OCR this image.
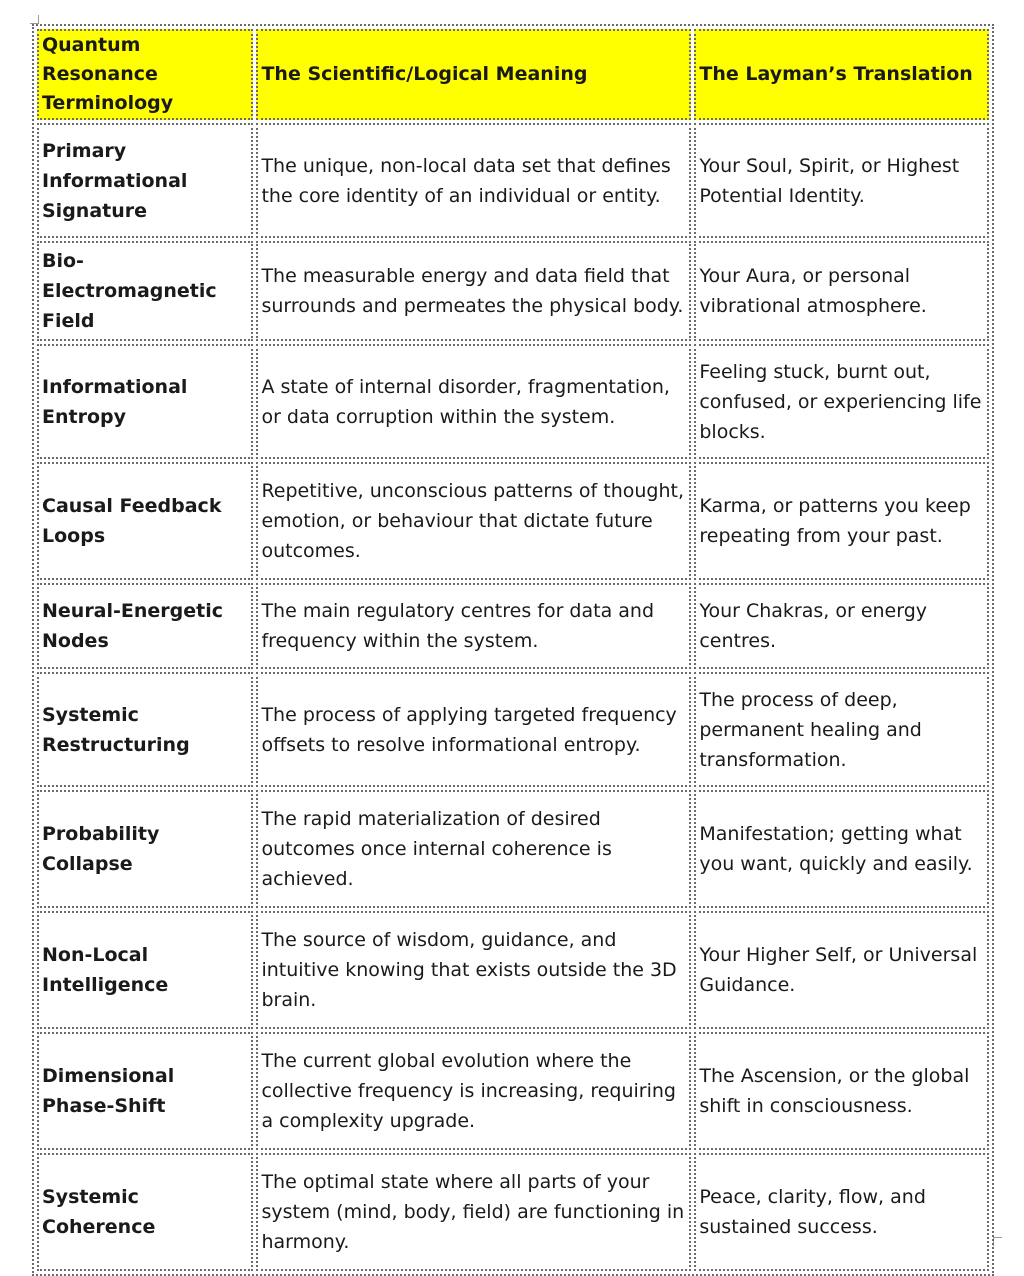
Quantum Resonance Terminology	The Scientific/Logical Meaning	The Layman’s Translation
Primary Informational Signature	The unique, non-local data set that defines the core identity of an individual or entity.	Your Soul, Spirit, or Highest Potential Identity.
Bio-Electromagnetic Field	The measurable energy and data field that surrounds and permeates the physical body.	Your Aura, or personal vibrational atmosphere.
Informational Entropy	A state of internal disorder, fragmentation, or data corruption within the system.	Feeling stuck, burnt out, confused, or experiencing life blocks.
Causal Feedback Loops	Repetitive, unconscious patterns of thought, emotion, or behaviour that dictate future outcomes.	Karma, or patterns you keep repeating from your past.
Neural-Energetic Nodes	The main regulatory centres for data and frequency within the system.	Your Chakras, or energy centres.
Systemic Restructuring	The process of applying targeted frequency offsets to resolve informational entropy.	The process of deep, permanent healing and transformation.
Probability Collapse	The rapid materialization of desired outcomes once internal coherence is achieved.	Manifestation; getting what you want, quickly and easily.
Non-Local Intelligence	The source of wisdom, guidance, and intuitive knowing that exists outside the 3D brain.	Your Higher Self, or Universal Guidance.
Dimensional Phase-Shift	The current global evolution where the collective frequency is increasing, requiring a complexity upgrade.	The Ascension, or the global shift in consciousness.
Systemic Coherence	The optimal state where all parts of your system (mind, body, field) are functioning in harmony.	Peace, clarity, flow, and sustained success.
